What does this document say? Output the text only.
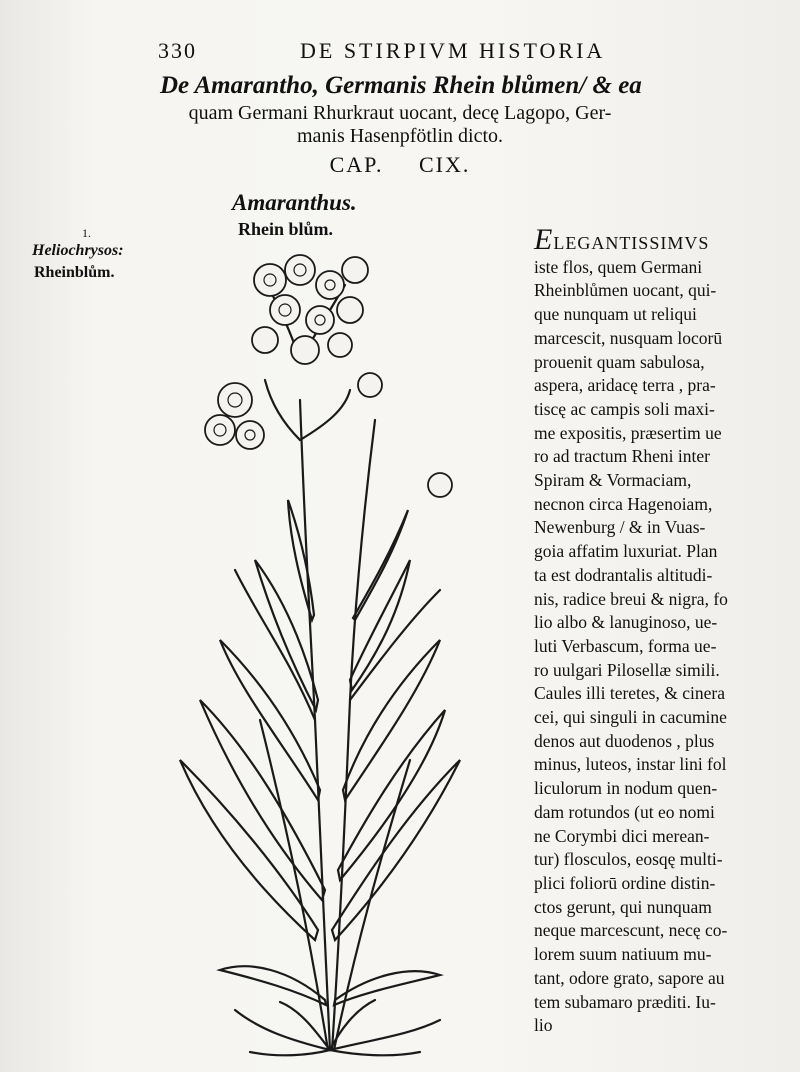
330	DE STIRPIVM HISTORIA
De Amarantho, Germanis Rhein blůmen/ & ea
quam Germani Rhurkraut uocant, decę Lagopo, Ger-
manis Hasenpfötlin dicto.
CAP. CIX.
Amaranthus.
Rhein blům.
1.
Heliochrysos:
Rheinblům.
ELEGANTISSIMVS
iste flos, quem Germani
Rheinblůmen uocant, qui-
que nunquam ut reliqui
marcescit, nusquam locorū
prouenit quam sabulosa,
aspera, aridacę terra , pra-
tiscę ac campis soli maxi-
me expositis, præsertim ue
ro ad tractum Rheni inter
Spiram & Vormaciam,
necnon circa Hagenoiam,
Newenburg / & in Vuas-
goia affatim luxuriat. Plan
ta est dodrantalis altitudi-
nis, radice breui & nigra, fo
lio albo & lanuginoso, ue-
luti Verbascum, forma ue-
ro uulgari Pilosellæ simili.
Caules illi teretes, & cinera
cei, qui singuli in cacumine
denos aut duodenos , plus
minus, luteos, instar lini fol
liculorum in nodum quen-
dam rotundos (ut eo nomi
ne Corymbi dici merean-
tur) flosculos, eosqę multi-
plici foliorū ordine distin-
ctos gerunt, qui nunquam
neque marcescunt, necę co-
lorem suum natiuum mu-
tant, odore grato, sapore au
tem subamaro præditi. Iu-
lio
